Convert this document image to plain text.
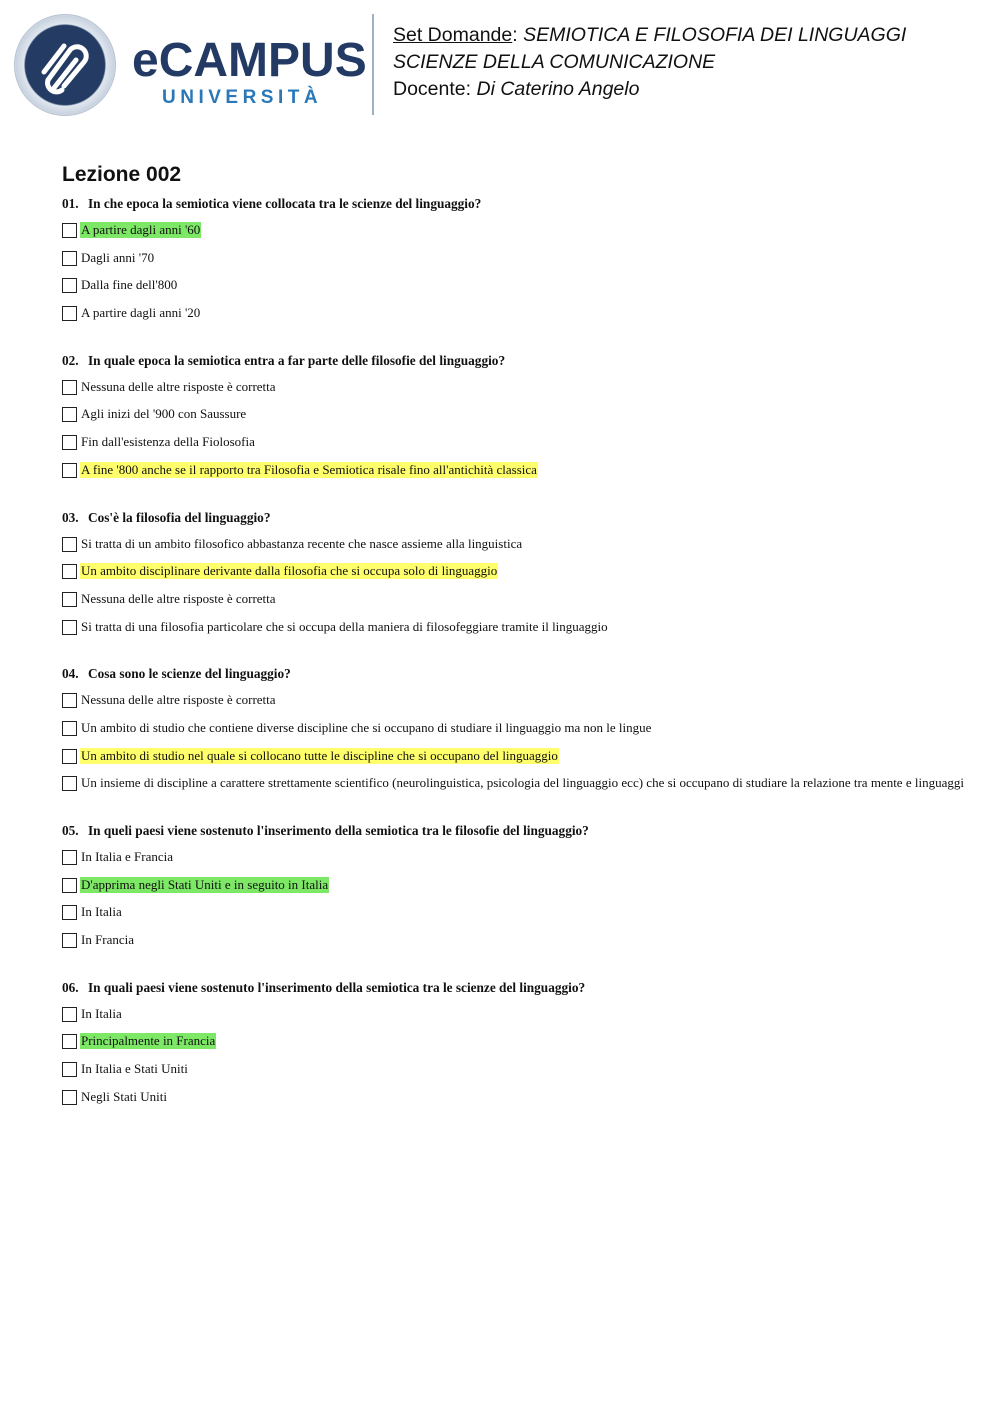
eCAMPUS
UNIVERSITÀ
Set Domande: SEMIOTICA E FILOSOFIA DEI LINGUAGGI
SCIENZE DELLA COMUNICAZIONE
Docente: Di Caterino Angelo
Lezione 002
01. In che epoca la semiotica viene collocata tra le scienze del linguaggio?
A partire dagli anni '60
Dagli anni '70
Dalla fine dell'800
A partire dagli anni '20
02. In quale epoca la semiotica entra a far parte delle filosofie del linguaggio?
Nessuna delle altre risposte è corretta
Agli inizi del '900 con Saussure
Fin dall'esistenza della Fiolosofia
A fine '800 anche se il rapporto tra Filosofia e Semiotica risale fino all'antichità classica
03. Cos'è la filosofia del linguaggio?
Si tratta di un ambito filosofico abbastanza recente che nasce assieme alla linguistica
Un ambito disciplinare derivante dalla filosofia che si occupa solo di linguaggio
Nessuna delle altre risposte è corretta
Si tratta di una filosofia particolare che si occupa della maniera di filosofeggiare tramite il linguaggio
04. Cosa sono le scienze del linguaggio?
Nessuna delle altre risposte è corretta
Un ambito di studio che contiene diverse discipline che si occupano di studiare il linguaggio ma non le lingue
Un ambito di studio nel quale si collocano tutte le discipline che si occupano del linguaggio
Un insieme di discipline a carattere strettamente scientifico (neurolinguistica, psicologia del linguaggio ecc) che si occupano di studiare la relazione tra mente e linguaggi
05. In queli paesi viene sostenuto l'inserimento della semiotica tra le filosofie del linguaggio?
In Italia e Francia
D'apprima negli Stati Uniti e in seguito in Italia
In Italia
In Francia
06. In quali paesi viene sostenuto l'inserimento della semiotica tra le scienze del linguaggio?
In Italia
Principalmente in Francia
In Italia e Stati Uniti
Negli Stati Uniti
